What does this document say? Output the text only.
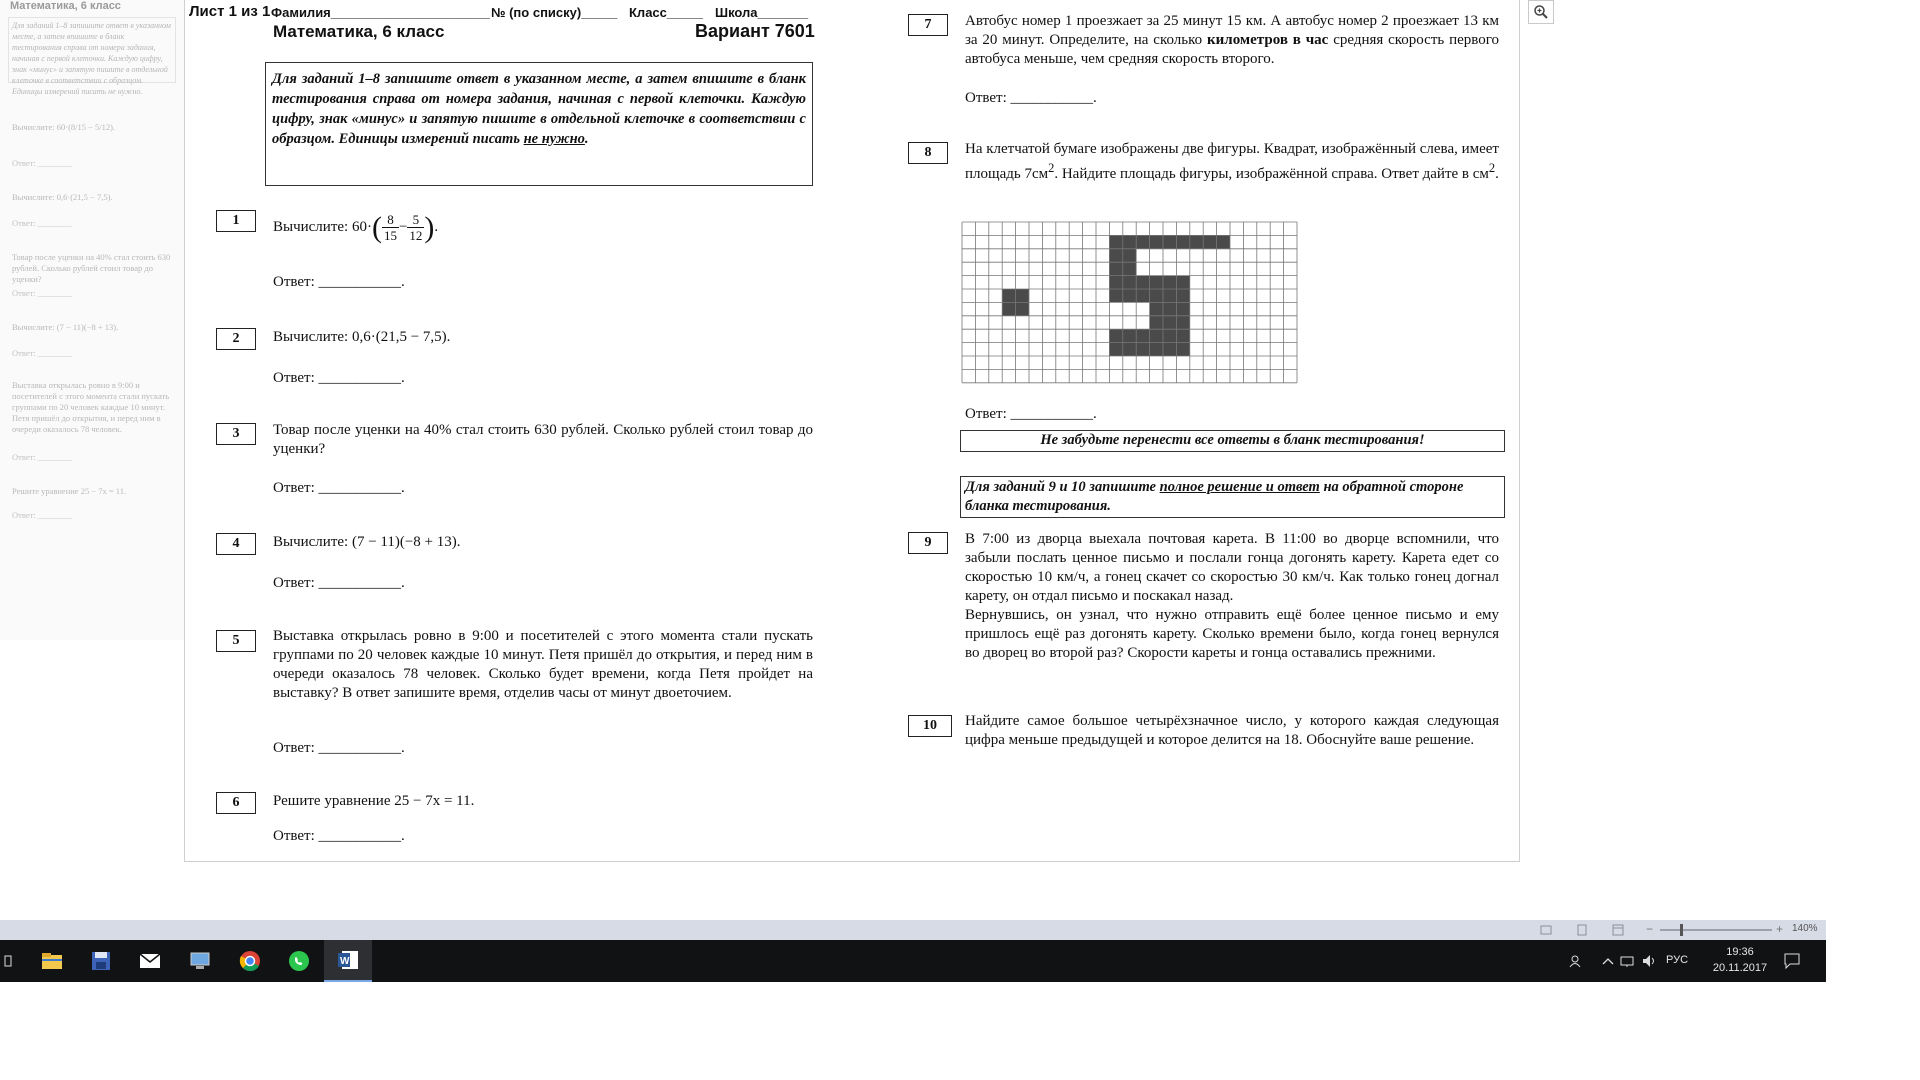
Математика, 6 класс
Для заданий 1–8 запишите ответ в указанном месте, а затем впишите в бланк тестирования справа от номера задания, начиная с первой клеточки. Каждую цифру, знак «минус» и запятую пишите в отдельной клеточке в соответствии с образцом. Единицы измерений писать не нужно.
Вычислите: 60·(8/15 − 5/12).
Ответ: ________
Вычислите: 0,6·(21,5 − 7,5).
Ответ: ________
Товар после уценки на 40% стал стоить 630 рублей. Сколько рублей стоил товар до уценки?
Ответ: ________
Вычислите: (7 − 11)(−8 + 13).
Ответ: ________
Выставка открылась ровно в 9:00 и посетителей с этого момента стали пускать группами по 20 человек каждые 10 минут. Петя пришёл до открытия, и перед ним в очереди оказалось 78 человек.
Ответ: ________
Решите уравнение 25 − 7x = 11.
Ответ: ________
Лист 1 из 1 Фамилия______________________ № (по списку)_____ Класс_____ Школа_______
Математика, 6 класс	Вариант 7601
Для заданий 1–8 запишите ответ в указанном месте, а затем впишите в бланк тестирования справа от номера задания, начиная с первой клеточки. Каждую цифру, знак «минус» и запятую пишите в отдельной клеточке в соответствии с образцом. Единицы измерений писать не нужно.
1	Вычислите: $60\cdot( \frac{8}{15} - \frac{5}{12}$ ).
Ответ: ___________.
2	Вычислите: 0,6·(21,5 − 7,5).
Ответ: ___________.
3	Товар после уценки на 40% стал стоить 630 рублей. Сколько рублей стоил товар до уценки?
Ответ: ___________.
4	Вычислите: (7 − 11)(−8 + 13).
Ответ: ___________.
5	Выставка открылась ровно в 9:00 и посетителей с этого момента стали пускать группами по 20 человек каждые 10 минут. Петя пришёл до открытия, и перед ним в очереди оказалось 78 человек. Сколько будет времени, когда Петя пройдет на выставку? В ответ запишите время, отделив часы от минут двоеточием.
Ответ: ___________.
6	Решите уравнение 25 − 7x = 11.
Ответ: ___________.
7	Автобус номер 1 проезжает за 25 минут 15 км. А автобус номер 2 проезжает 13 км за 20 минут. Определите, на сколько километров в час средняя скорость первого автобуса меньше, чем средняя скорость второго.
Ответ: ___________.
8	На клетчатой бумаге изображены две фигуры. Квадрат, изображённый слева, имеет площадь $7см^2$. Найдите площадь фигуры, изображённой справа. Ответ дайте в $см^2$.
Ответ: ___________.
Не забудьте перенести все ответы в бланк тестирования!
Для заданий 9 и 10 запишите полное решение и ответ на обратной стороне бланка тестирования.
9	В 7:00 из дворца выехала почтовая карета. В 11:00 во дворце вспомнили, что забыли послать ценное письмо и послали гонца догонять карету. Карета едет со скоростью 10 км/ч, а гонец скачет со скоростью 30 км/ч. Как только гонец догнал карету, он отдал письмо и поскакал назад.
Вернувшись, он узнал, что нужно отправить ещё более ценное письмо и ему пришлось ещё раз догонять карету. Сколько времени было, когда гонец вернулся во дворец во второй раз? Скорости кареты и гонца оставались прежними.
10	Найдите самое большое четырёхзначное число, у которого каждая следующая цифра меньше предыдущей и которое делится на 18. Обоснуйте ваше решение.
−	+ 140%
W	РУС
19:36
20.11.2017
